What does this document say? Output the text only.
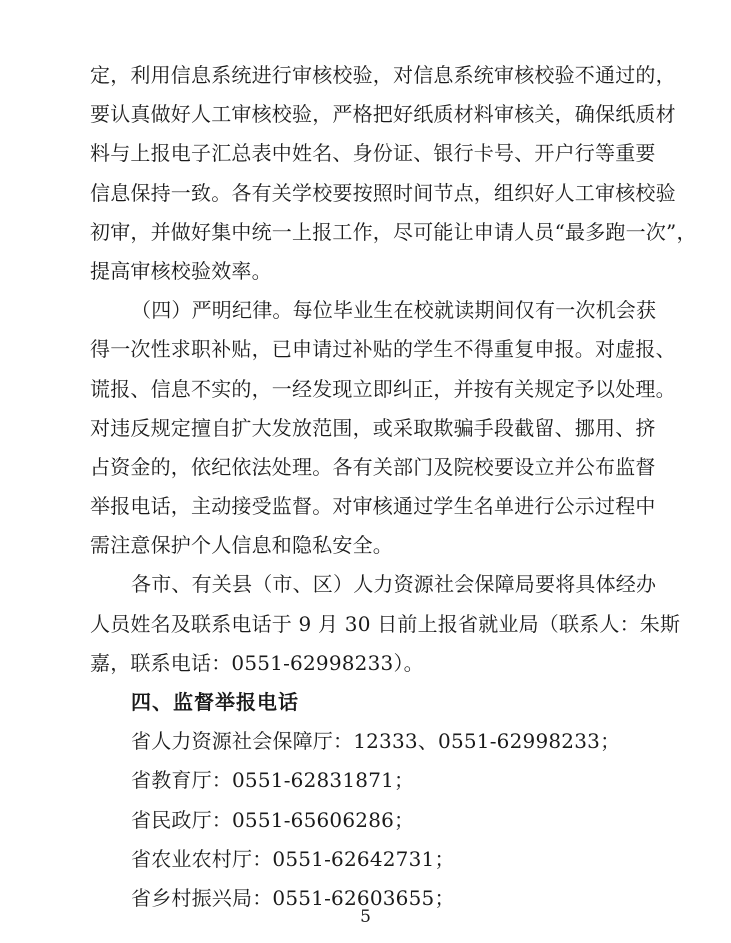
定，利用信息系统进行审核校验，对信息系统审核校验不通过的，
要认真做好人工审核校验，严格把好纸质材料审核关，确保纸质材
料与上报电子汇总表中姓名、身份证、银行卡号、开户行等重要
信息保持一致。各有关学校要按照时间节点，组织好人工审核校验
初审，并做好集中统一上报工作，尽可能让申请人员“最多跑一次”，
提高审核校验效率。
（四）严明纪律。每位毕业生在校就读期间仅有一次机会获
得一次性求职补贴，已申请过补贴的学生不得重复申报。对虚报、
谎报、信息不实的，一经发现立即纠正，并按有关规定予以处理。
对违反规定擅自扩大发放范围，或采取欺骗手段截留、挪用、挤
占资金的，依纪依法处理。各有关部门及院校要设立并公布监督
举报电话，主动接受监督。对审核通过学生名单进行公示过程中
需注意保护个人信息和隐私安全。
各市、有关县（市、区）人力资源社会保障局要将具体经办
人员姓名及联系电话于 9 月 30 日前上报省就业局（联系人：朱斯
嘉，联系电话：0551-62998233）。
四、监督举报电话
省人力资源社会保障厅：12333、0551-62998233；
省教育厅：0551-62831871；
省民政厅：0551-65606286；
省农业农村厅：0551-62642731；
省乡村振兴局：0551-62603655；
5
